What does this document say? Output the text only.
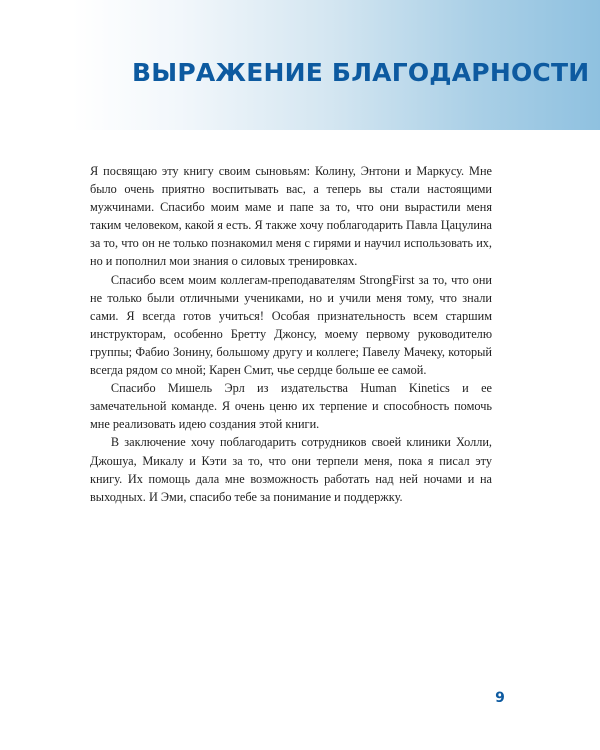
ВЫРАЖЕНИЕ БЛАГОДАРНОСТИ

Я посвящаю эту книгу своим сыновьям: Колину, Энтони и Маркусу. Мне было очень приятно воспитывать вас, а теперь вы стали настоящими мужчинами. Спасибо моим маме и папе за то, что они вырастили меня таким человеком, какой я есть. Я также хочу поблагодарить Павла Цацулина за то, что он не только познакомил меня с гирями и научил использовать их, но и пополнил мои знания о силовых тренировках.

Спасибо всем моим коллегам-преподавателям StrongFirst за то, что они не только были отличными учениками, но и учили меня тому, что знали сами. Я всегда готов учиться! Особая признательность всем старшим инструкторам, особенно Бретту Джонсу, моему первому руководителю группы; Фабио Зонину, большому другу и коллеге; Павелу Мачеку, который всегда рядом со мной; Карен Смит, чье сердце больше ее самой.

Спасибо Мишель Эрл из издательства Human Kinetics и ее замечательной команде. Я очень ценю их терпение и способность помочь мне реализовать идею создания этой книги.

В заключение хочу поблагодарить сотрудников своей клиники Холли, Джошуа, Микалу и Кэти за то, что они терпели меня, пока я писал эту книгу. Их помощь дала мне возможность работать над ней ночами и на выходных. И Эми, спасибо тебе за понимание и поддержку.

9
